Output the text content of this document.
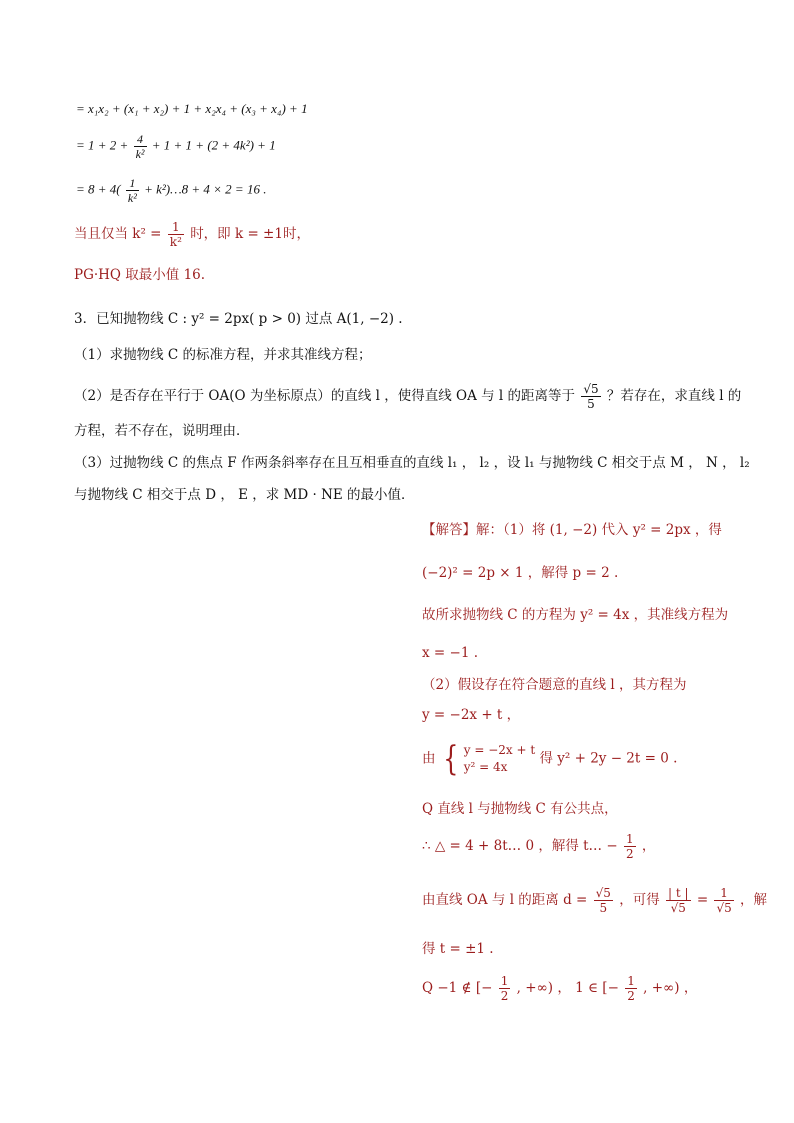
= x₁x₂ + (x₁ + x₂) + 1 + x₂x₄ + (x₃ + x₄) + 1
= $1 + 2 + \frac{4}{\text{k²}} + 1 + 1 + (2 + 4k^2) + 1$
= $8 + 4( \frac{1}{\text{k²}}$ + k²)…8 + 4 × 2 = 16 .
当且仅当 $k^2 = \frac{1}{\text{k²}}$ 时，即 k = ±1时，
PG·HQ 取最小值 16.
3．已知抛物线 C : y² = 2px( p > 0) 过点 A(1, −2) .
（1）求抛物线 C 的标准方程，并求其准线方程；
（2）是否存在平行于 OA(O 为坐标原点）的直线 l ，使得直线 OA 与 l 的距离等于 $\frac{√5}{5}$ ？若存在，求直线 l 的
方程，若不存在，说明理由．
（3）过抛物线 C 的焦点 F 作两条斜率存在且互相垂直的直线 l₁ ， l₂ ，设 l₁ 与抛物线 C 相交于点 M ， N ， l₂
与抛物线 C 相交于点 D ， E ，求 MD · NE 的最小值．
【解答】解：（1）将 (1, −2) 代入 y² = 2px ，得
(−2)² = 2p × 1 ，解得 p = 2 .
故所求抛物线 C 的方程为 y² = 4x ，其准线方程为
x = −1 .
（2）假设存在符合题意的直线 l ，其方程为
y = −2x + t ，
由 { y = −2x + t
y² = 4x
得 y² + 2y − 2t = 0 .
Q 直线 l 与抛物线 C 有公共点，
∴ △ = 4 + 8t… 0 ，解得 t… − $\frac{1}{2}$ ，
由直线 OA 与 l 的距离 $d = \frac{√5}{5}$ ，可得 $\frac{| t |}{√5} = \frac{1}{√5}$ ，解
得 t = ±1 .
Q −1 ∉ [− $\frac{1}{2}$ , +∞) ， 1 ∈ [− $\frac{1}{2}$ , +∞) ，
